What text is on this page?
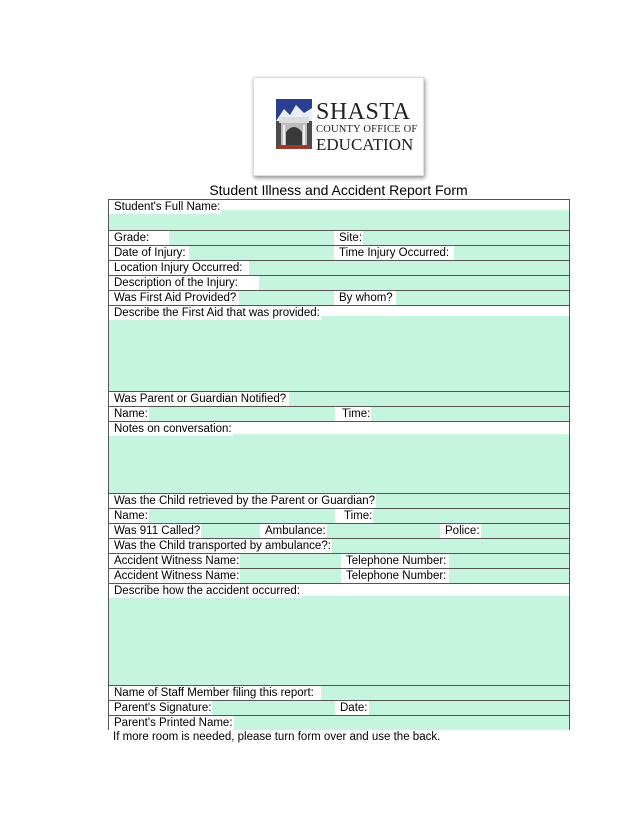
SHASTA
COUNTY OFFICE OF
EDUCATION
Student Illness and Accident Report Form
Student's Full Name:
Grade:	Site:
Date of Injury:	Time Injury Occurred:
Location Injury Occurred:
Description of the Injury:
Was First Aid Provided?	By whom?
Describe the First Aid that was provided:
Was Parent or Guardian Notified?
Name:	Time:
Notes on conversation:
Was the Child retrieved by the Parent or Guardian?
Name:	Time:
Was 911 Called?	Ambulance:	Police:
Was the Child transported by ambulance?:
Accident Witness Name:	Telephone Number:
Accident Witness Name:	Telephone Number:
Describe how the accident occurred:
Name of Staff Member filing this report:
Parent's Signature:	Date:
Parent's Printed Name:
If more room is needed, please turn form over and use the back.
